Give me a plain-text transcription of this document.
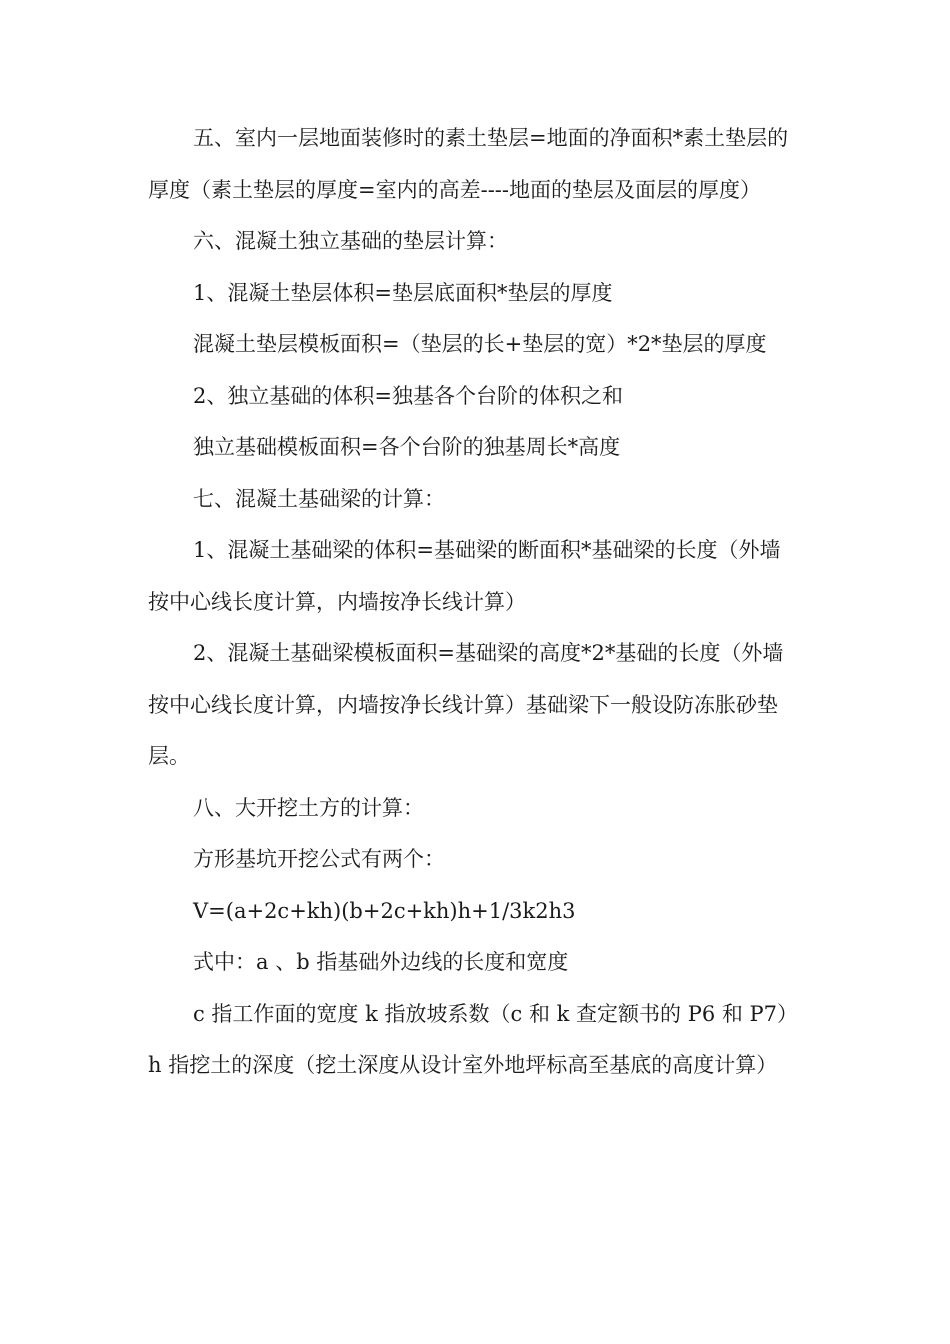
五、室内一层地面装修时的素土垫层=地面的净面积*素土垫层的厚度（素土垫层的厚度=室内的高差----地面的垫层及面层的厚度）

六、混凝土独立基础的垫层计算：

1、混凝土垫层体积=垫层底面积*垫层的厚度

混凝土垫层模板面积=（垫层的长+垫层的宽）*2*垫层的厚度

2、独立基础的体积=独基各个台阶的体积之和

独立基础模板面积=各个台阶的独基周长*高度

七、混凝土基础梁的计算：

1、混凝土基础梁的体积=基础梁的断面积*基础梁的长度（外墙按中心线长度计算，内墙按净长线计算）

2、混凝土基础梁模板面积=基础梁的高度*2*基础的长度（外墙按中心线长度计算，内墙按净长线计算）基础梁下一般设防冻胀砂垫层。

八、大开挖土方的计算：

方形基坑开挖公式有两个：

V=(a+2c+kh)(b+2c+kh)h+1/3k2h3

式中：a 、b 指基础外边线的长度和宽度

c 指工作面的宽度 k 指放坡系数（c 和 k 查定额书的 P6 和 P7）h 指挖土的深度（挖土深度从设计室外地坪标高至基底的高度计算）
